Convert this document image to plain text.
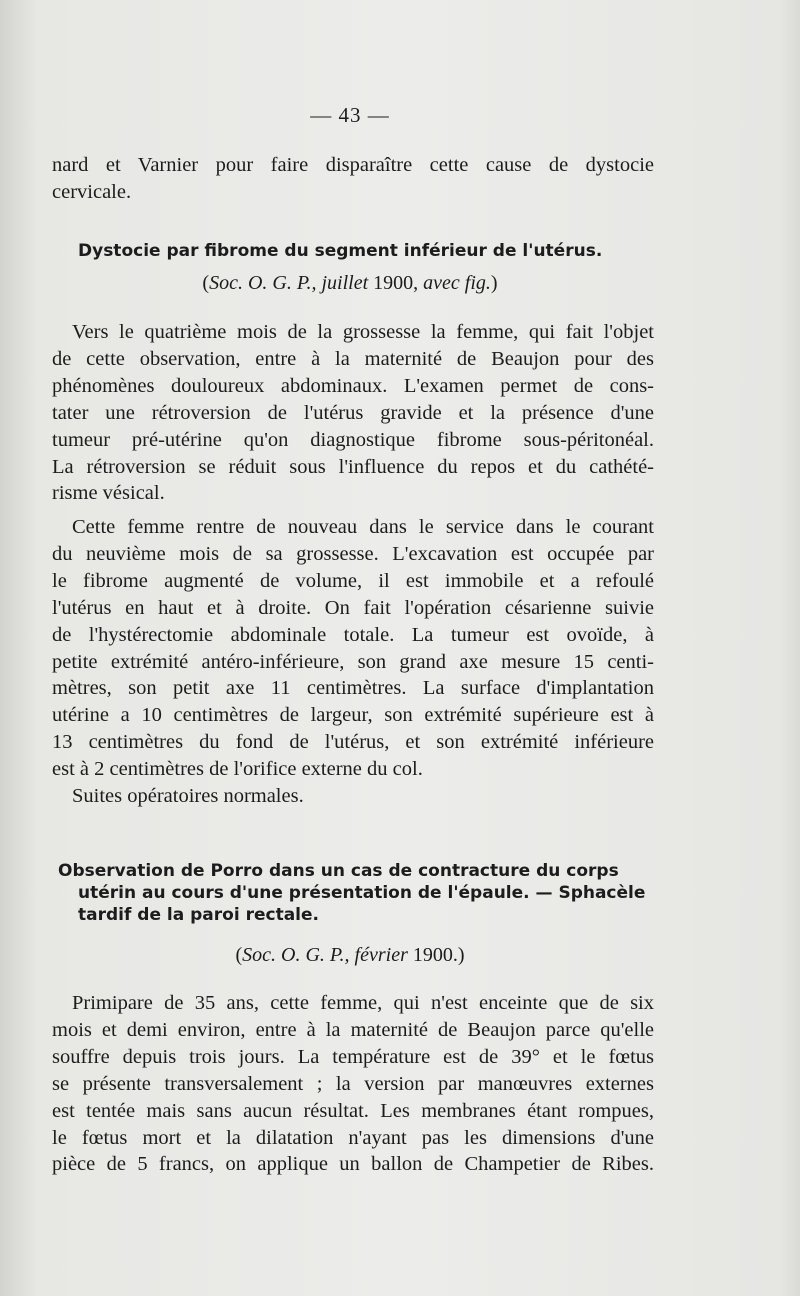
— 43 —
nard et Varnier pour faire disparaître cette cause de dystocie
cervicale.
Dystocie par fibrome du segment inférieur de l'utérus.
(Soc. O. G. P., juillet 1900, avec fig.)
Vers le quatrième mois de la grossesse la femme, qui fait l'objet
de cette observation, entre à la maternité de Beaujon pour des
phénomènes douloureux abdominaux. L'examen permet de cons-
tater une rétroversion de l'utérus gravide et la présence d'une
tumeur pré-utérine qu'on diagnostique fibrome sous-péritonéal.
La rétroversion se réduit sous l'influence du repos et du cathété-
risme vésical.
Cette femme rentre de nouveau dans le service dans le courant
du neuvième mois de sa grossesse. L'excavation est occupée par
le fibrome augmenté de volume, il est immobile et a refoulé
l'utérus en haut et à droite. On fait l'opération césarienne suivie
de l'hystérectomie abdominale totale. La tumeur est ovoïde, à
petite extrémité antéro-inférieure, son grand axe mesure 15 centi-
mètres, son petit axe 11 centimètres. La surface d'implantation
utérine a 10 centimètres de largeur, son extrémité supérieure est à
13 centimètres du fond de l'utérus, et son extrémité inférieure
est à 2 centimètres de l'orifice externe du col.
Suites opératoires normales.
Observation de Porro dans un cas de contracture du corps
utérin au cours d'une présentation de l'épaule. — Sphacèle
tardif de la paroi rectale.
(Soc. O. G. P., février 1900.)
Primipare de 35 ans, cette femme, qui n'est enceinte que de six
mois et demi environ, entre à la maternité de Beaujon parce qu'elle
souffre depuis trois jours. La température est de 39° et le fœtus
se présente transversalement ; la version par manœuvres externes
est tentée mais sans aucun résultat. Les membranes étant rompues,
le fœtus mort et la dilatation n'ayant pas les dimensions d'une
pièce de 5 francs, on applique un ballon de Champetier de Ribes.
